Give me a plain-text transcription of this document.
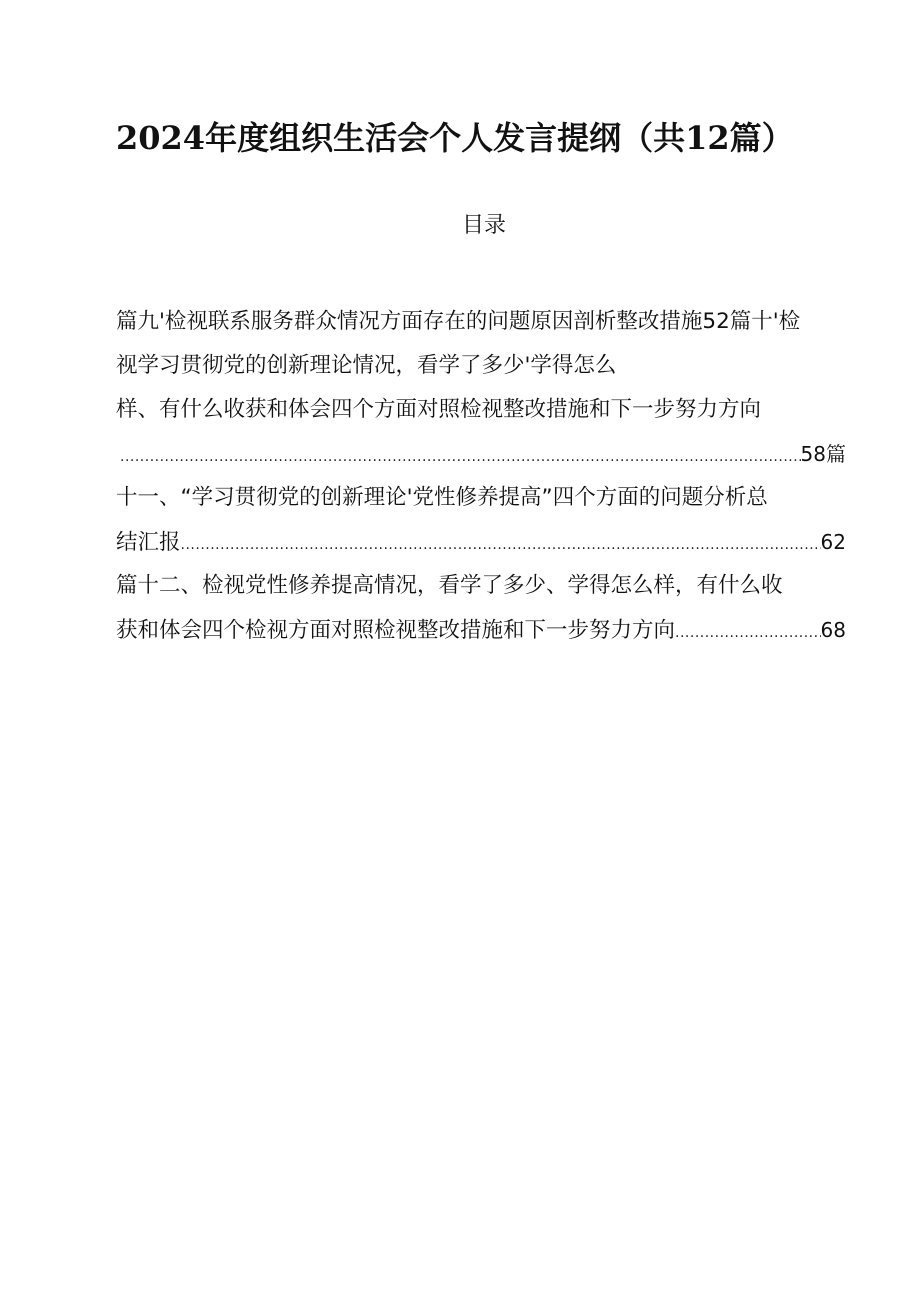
2024年度组织生活会个人发言提纲（共12篇）
目录
篇九'检视联系服务群众情况方面存在的问题原因剖析整改措施52篇十'检
视学习贯彻党的创新理论情况，看学了多少'学得怎么
样、有什么收获和体会四个方面对照检视整改措施和下一步努力方向
.....
58篇
十一、“学习贯彻党的创新理论'党性修养提高”四个方面的问题分析总
结汇报 .....	62
篇十二、检视党性修养提高情况，看学了多少、学得怎么样，有什么收
获和体会四个检视方面对照检视整改措施和下一步努力方向 .....	68
